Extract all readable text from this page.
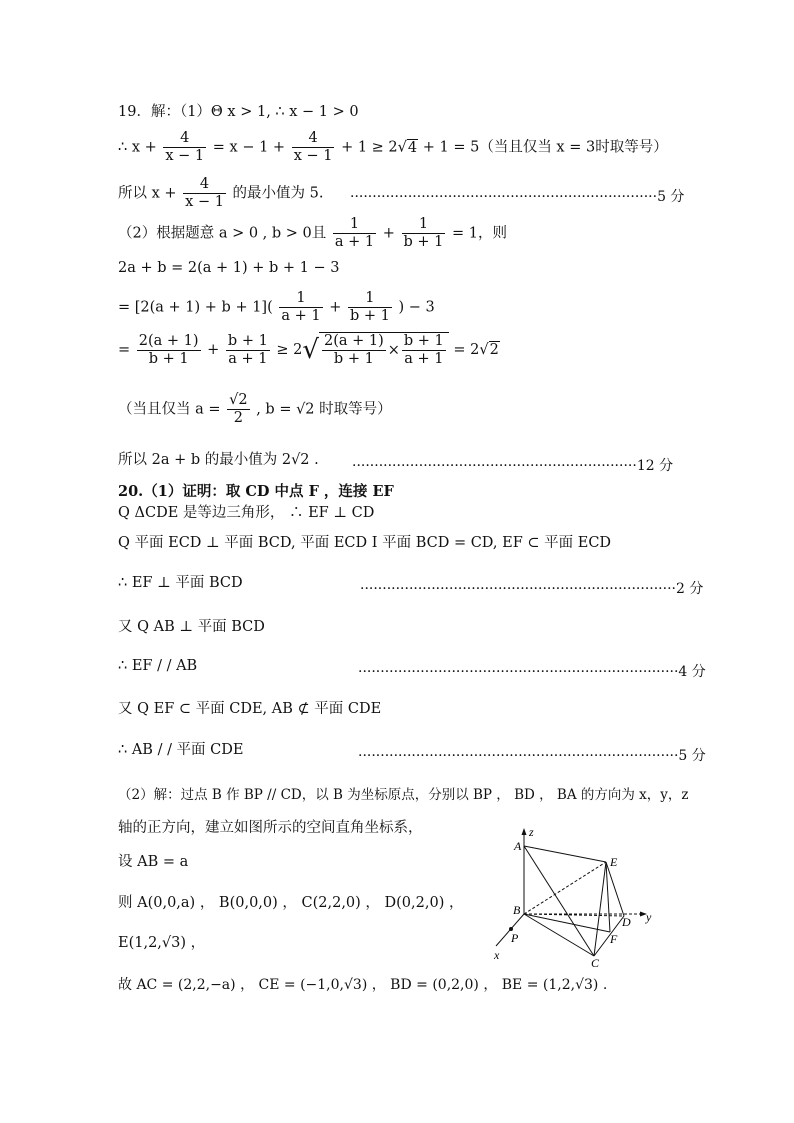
19．解：（1）Θ x > 1, ∴ x − 1 > 0
∴ $x + \frac{4}{x - 1} = x - 1 + \frac{4}{x - 1} + 1 \ge 2√4 + 1 = 5$（当且仅当 x = 3时取等号）
所以 $x + \frac{4}{x - 1}$ 的最小值为 5. ·····································································5 分
（2）根据题意 a > 0 , b > 0且 $\frac{1}{a + 1} + \frac{1}{b + 1} = 1$，则
2a + b = 2(a + 1) + b + 1 − 3
= $[2(a + 1) + b + 1]( \frac{1}{a + 1} + \frac{1}{b + 1}$ ) − 3
= $\frac{2(a + 1)}{b + 1} + \frac{b + 1}{a + 1} \ge 2√ \frac{2(a + 1)}{b + 1} \times \frac{b + 1}{a + 1} = 2√2$
（当且仅当 $a = \frac{√2}{2}$ , b = √2 时取等号）
所以 2a + b 的最小值为 2√2 . ································································12 分
20.（1）证明：取 CD 中点 F ，连接 EF
Q ΔCDE 是等边三角形， ∴ EF ⊥ CD
Q 平面 ECD ⊥ 平面 BCD, 平面 ECD I 平面 BCD = CD, EF ⊂ 平面 ECD
∴ EF ⊥ 平面 BCD	·······································································2 分
又 Q AB ⊥ 平面 BCD
∴ EF / / AB	········································································4 分
又 Q EF ⊂ 平面 CDE, AB ⊄ 平面 CDE
∴ AB / / 平面 CDE	········································································5 分
（2）解：过点 B 作 BP // CD，以 B 为坐标原点，分别以 BP ， BD ， BA 的方向为 x，y，z
轴的正方向，建立如图所示的空间直角坐标系，
设 AB = a
则 A(0,0,a) ， B(0,0,0) ， C(2,2,0) ， D(0,2,0) ，
E(1,2,√3) ，
故 AC = (2,2,−a) ， CE = (−1,0,√3) ， BD = (0,2,0) ， BE = (1,2,√3) .
z
A
E
B	y
D
P	F
x
C
